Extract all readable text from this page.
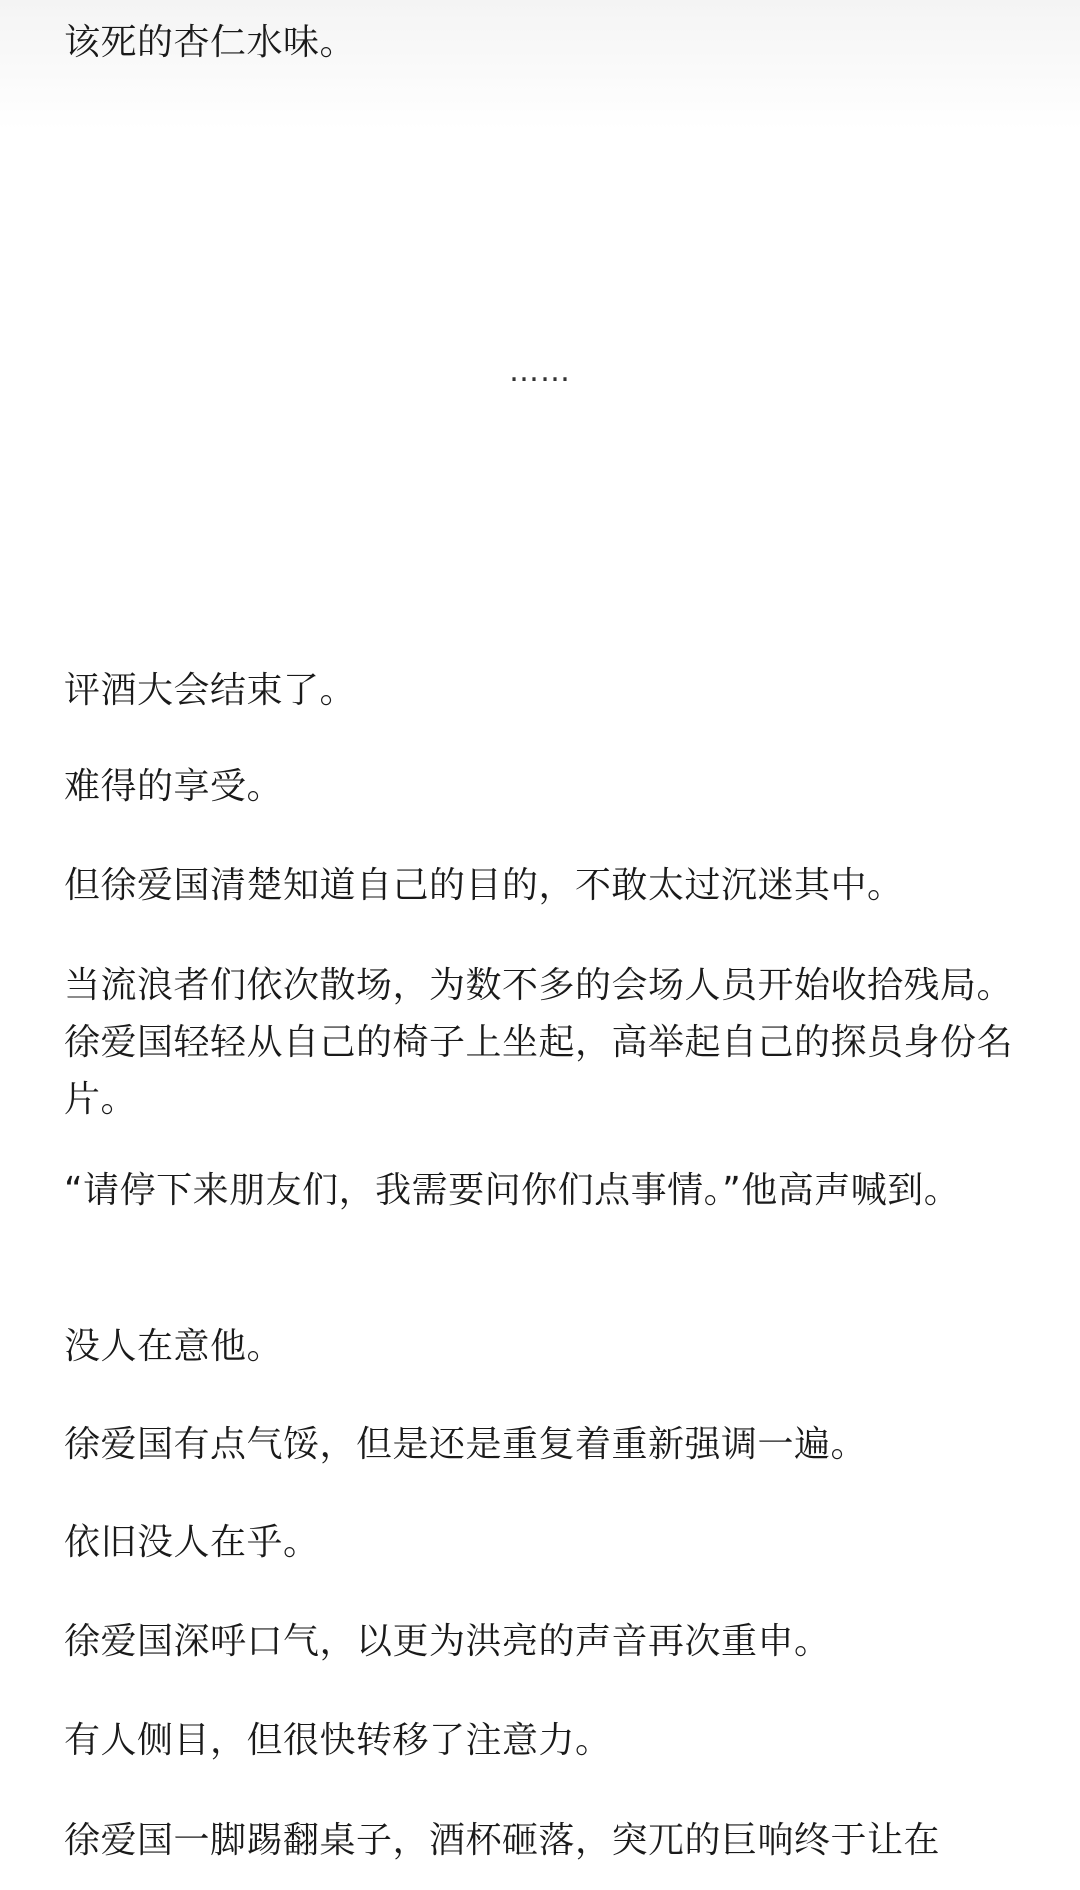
该死的杏仁水味。

……

评酒大会结束了。

难得的享受。

但徐爱国清楚知道自己的目的，不敢太过沉迷其中。

当流浪者们依次散场，为数不多的会场人员开始收拾残局。徐爱国轻轻从自己的椅子上坐起，高举起自己的探员身份名片。

“请停下来朋友们，我需要问你们点事情。”他高声喊到。

没人在意他。

徐爱国有点气馁，但是还是重复着重新强调一遍。

依旧没人在乎。

徐爱国深呼口气，以更为洪亮的声音再次重申。

有人侧目，但很快转移了注意力。

徐爱国一脚踢翻桌子，酒杯砸落，突兀的巨响终于让在
